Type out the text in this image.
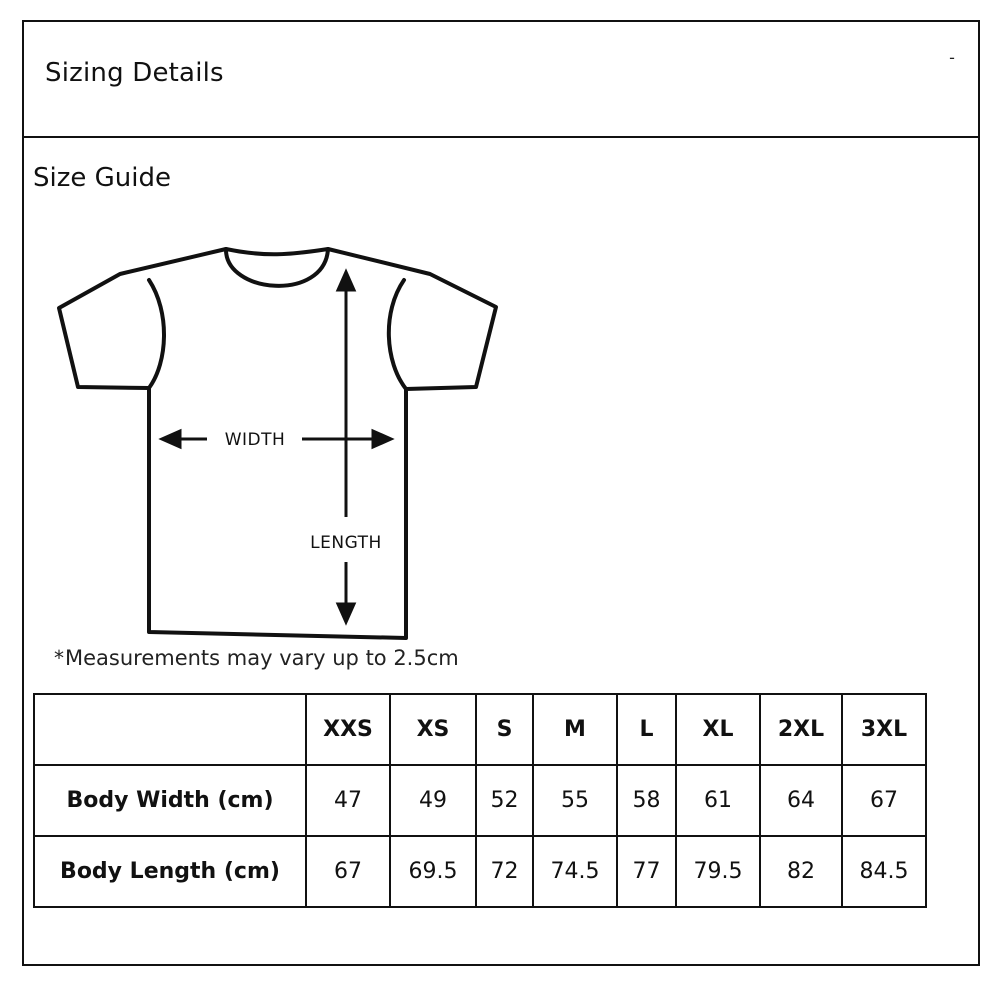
Sizing Details
-
Size Guide
WIDTH
LENGTH
*Measurements may vary up to 2.5cm
	XXS	XS	S	M	L	XL	2XL	3XL
Body Width (cm)	47	49	52	55	58	61	64	67
Body Length (cm)	67	69.5	72	74.5	77	79.5	82	84.5
